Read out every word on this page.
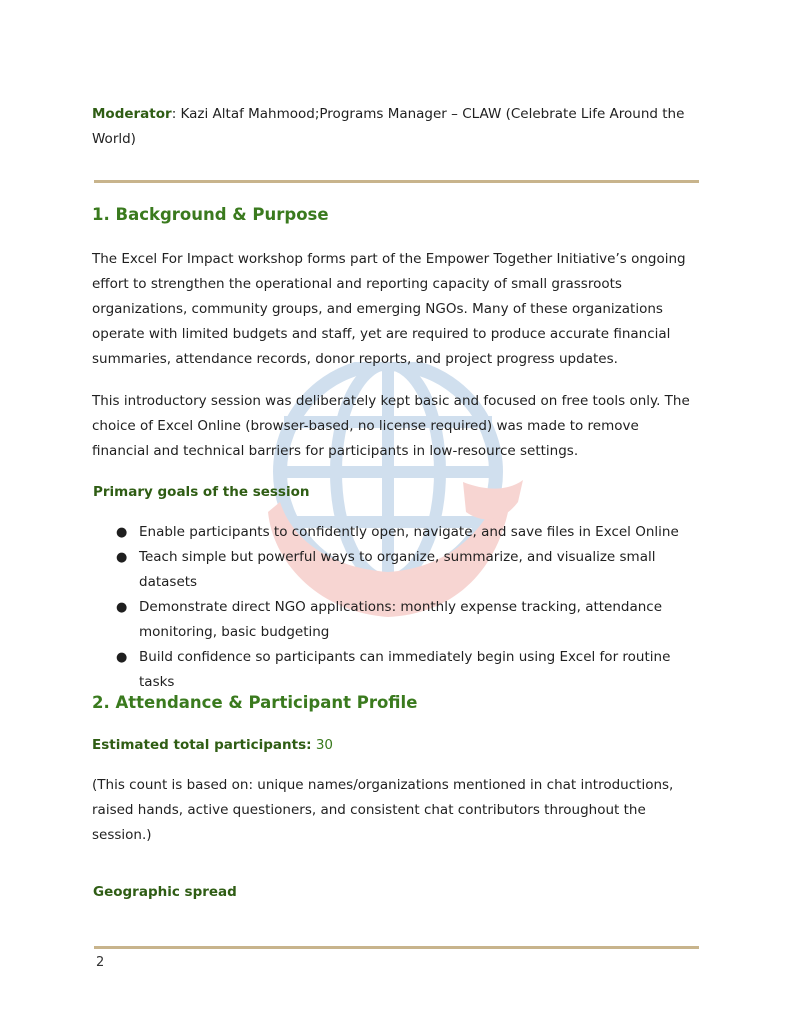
Moderator: Kazi Altaf Mahmood;Programs Manager – CLAW (Celebrate Life Around the World)

1. Background & Purpose

The Excel For Impact workshop forms part of the Empower Together Initiative’s ongoing effort to strengthen the operational and reporting capacity of small grassroots organizations, community groups, and emerging NGOs. Many of these organizations operate with limited budgets and staff, yet are required to produce accurate financial summaries, attendance records, donor reports, and project progress updates.

This introductory session was deliberately kept basic and focused on free tools only. The choice of Excel Online (browser-based, no license required) was made to remove financial and technical barriers for participants in low-resource settings.

Primary goals of the session
● Enable participants to confidently open, navigate, and save files in Excel Online
● Teach simple but powerful ways to organize, summarize, and visualize small datasets
● Demonstrate direct NGO applications: monthly expense tracking, attendance monitoring, basic budgeting
● Build confidence so participants can immediately begin using Excel for routine tasks
2. Attendance & Participant Profile

Estimated total participants: 30

(This count is based on: unique names/organizations mentioned in chat introductions, raised hands, active questioners, and consistent chat contributors throughout the session.)

Geographic spread
2
